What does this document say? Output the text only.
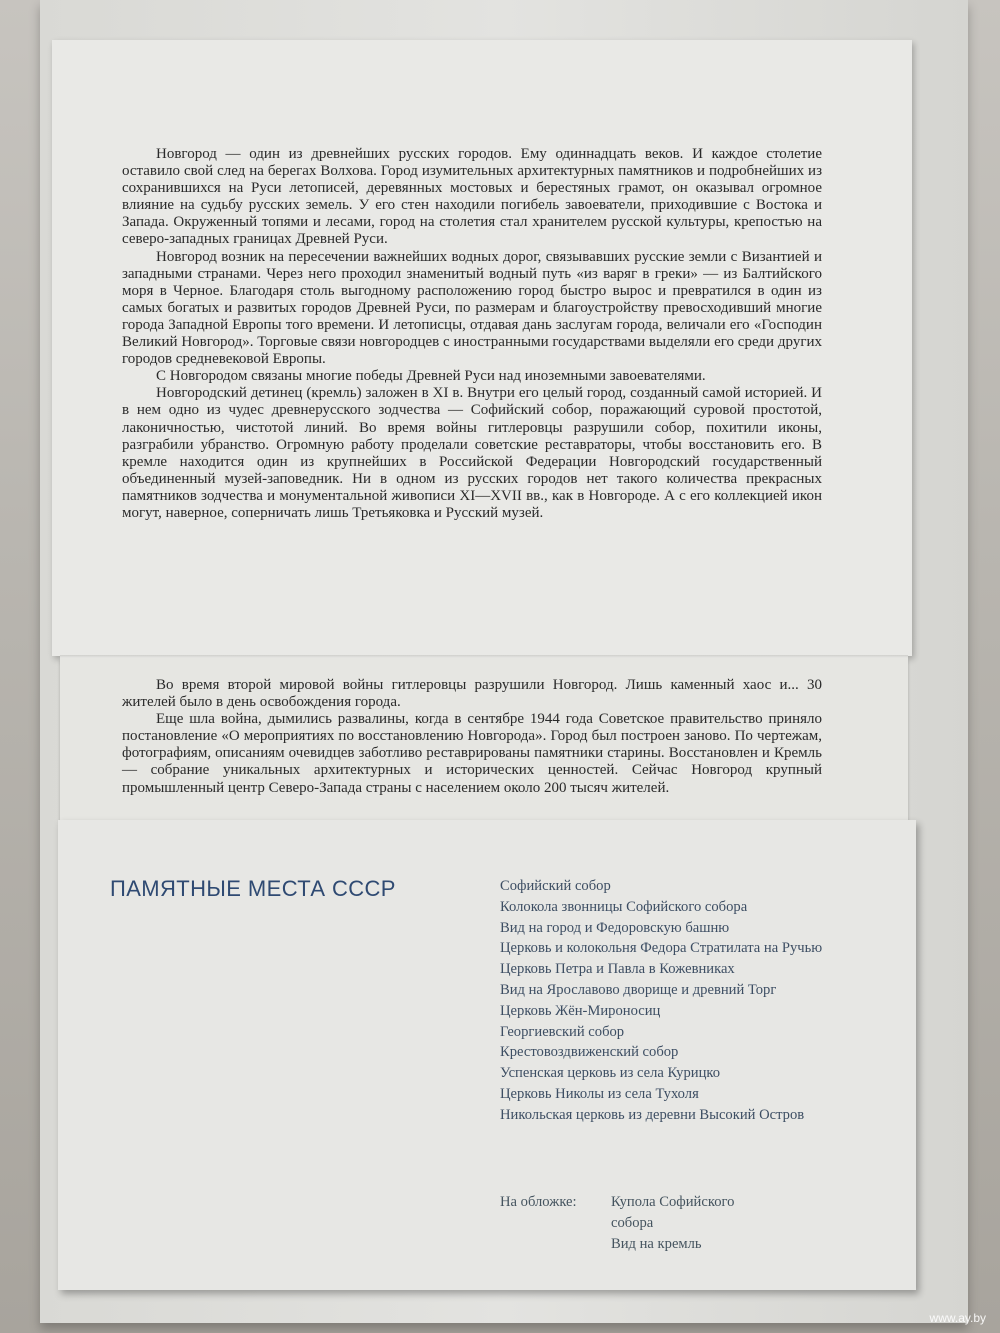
Новгород — один из древнейших русских городов. Ему одиннадцать веков. И каждое столетие оставило свой след на берегах Волхова. Город изумительных архитектурных памятников и подробнейших из сохранившихся на Руси летописей, деревянных мостовых и берестяных грамот, он оказывал огромное влияние на судьбу русских земель. У его стен находили погибель завоеватели, приходившие с Востока и Запада. Окруженный топями и лесами, город на столетия стал хранителем русской культуры, крепостью на северо-западных границах Древней Руси.

Новгород возник на пересечении важнейших водных дорог, связывавших русские земли с Византией и западными странами. Через него проходил знаменитый водный путь «из варяг в греки» — из Балтийского моря в Черное. Благодаря столь выгодному расположению город быстро вырос и превратился в один из самых богатых и развитых городов Древней Руси, по размерам и благоустройству превосходивший многие города Западной Европы того времени. И летописцы, отдавая дань заслугам города, величали его «Господин Великий Новгород». Торговые связи новгородцев с иностранными государствами выделяли его среди других городов средневековой Европы.

С Новгородом связаны многие победы Древней Руси над иноземными завоевателями.

Новгородский детинец (кремль) заложен в XI в. Внутри его целый город, созданный самой историей. И в нем одно из чудес древнерусского зодчества — Софийский собор, поражающий суровой простотой, лаконичностью, чистотой линий. Во время войны гитлеровцы разрушили собор, похитили иконы, разграбили убранство. Огромную работу проделали советские реставраторы, чтобы восстановить его. В кремле находится один из крупнейших в Российской Федерации Новгородский государственный объединенный музей-заповедник. Ни в одном из русских городов нет такого количества прекрасных памятников зодчества и монументальной живописи XI—XVII вв., как в Новгороде. А с его коллекцией икон могут, наверное, соперничать лишь Третьяковка и Русский музей.

Во время второй мировой войны гитлеровцы разрушили Новгород. Лишь каменный хаос и... 30 жителей было в день освобождения города.

Еще шла война, дымились развалины, когда в сентябре 1944 года Советское правительство приняло постановление «О мероприятиях по восстановлению Новгорода». Город был построен заново. По чертежам, фотографиям, описаниям очевидцев заботливо реставрированы памятники старины. Восстановлен и Кремль — собрание уникальных архитектурных и исторических ценностей. Сейчас Новгород крупный промышленный центр Северо-Запада страны с населением около 200 тысяч жителей.

ПАМЯТНЫЕ МЕСТА СССР	Софийский собор
Колокола звонницы Софийского собора
Вид на город и Федоровскую башню
Церковь и колокольня Федора Стратилата на Ручью
Церковь Петра и Павла в Кожевниках
Вид на Ярославово дворище и древний Торг
Церковь Жён-Мироносиц
Георгиевский собор
Крестовоздвиженский собор
Успенская церковь из села Курицко
Церковь Николы из села Тухоля
Никольская церковь из деревни Высокий Остров
На обложке: Купола Софийского
собора
Вид на кремль
www.ay.by
